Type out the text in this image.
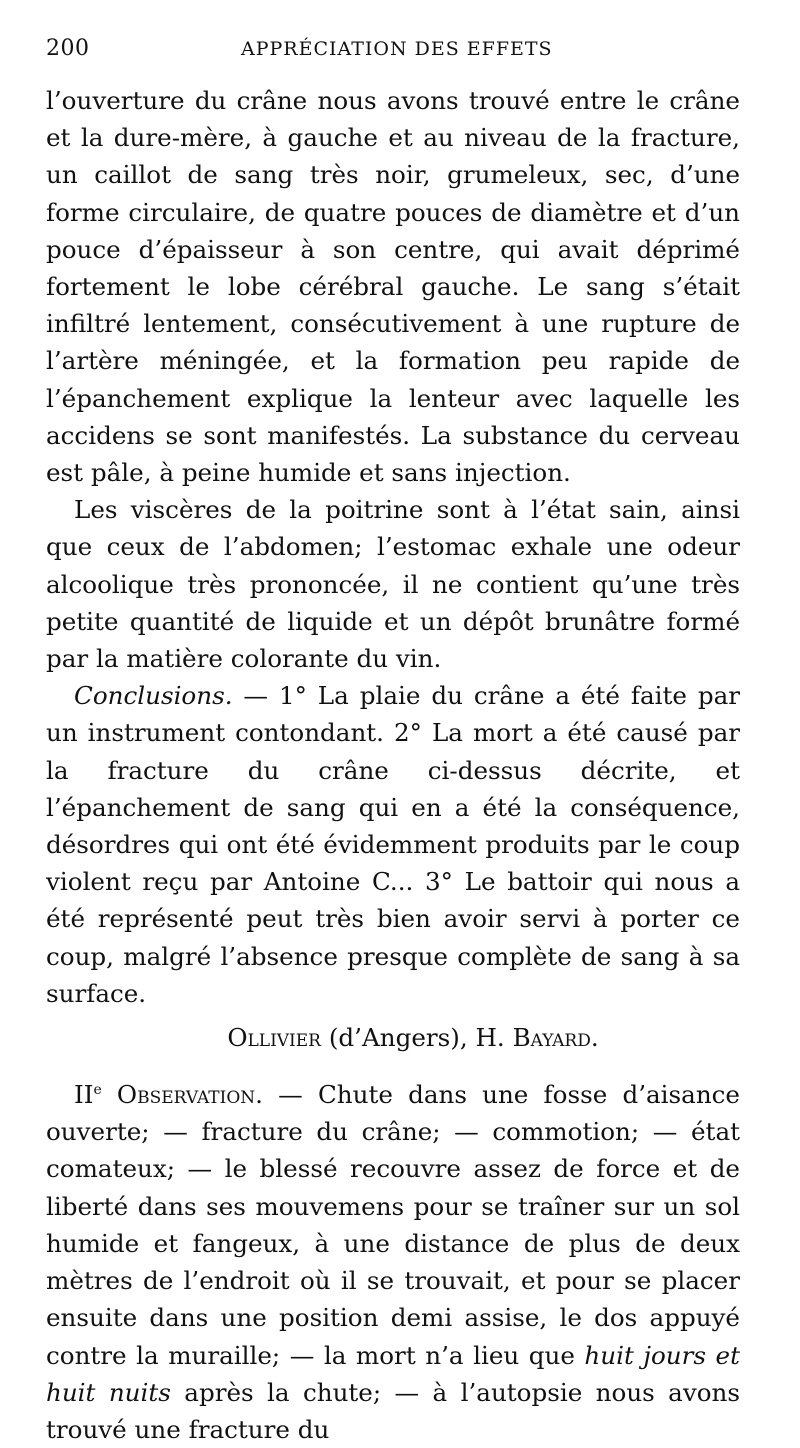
200	APPRÉCIATION DES EFFETS

l’ouverture du crâne nous avons trouvé entre le crâne et la dure-mère, à gauche et au niveau de la fracture, un caillot de sang très noir, grumeleux, sec, d’une forme circulaire, de quatre pouces de diamètre et d’un pouce d’épaisseur à son centre, qui avait déprimé fortement le lobe cérébral gauche. Le sang s’était infiltré lentement, consécutivement à une rupture de l’artère méningée, et la formation peu rapide de l’épanchement explique la lenteur avec laquelle les accidens se sont manifestés. La substance du cerveau est pâle, à peine humide et sans injection.

Les viscères de la poitrine sont à l’état sain, ainsi que ceux de l’abdomen; l’estomac exhale une odeur alcoolique très prononcée, il ne contient qu’une très petite quantité de liquide et un dépôt brunâtre formé par la matière colorante du vin.

Conclusions. — 1° La plaie du crâne a été faite par un instrument contondant. 2° La mort a été causé par la fracture du crâne ci-dessus décrite, et l’épanchement de sang qui en a été la conséquence, désordres qui ont été évidemment produits par le coup violent reçu par Antoine C... 3° Le battoir qui nous a été représenté peut très bien avoir servi à porter ce coup, malgré l’absence presque complète de sang à sa surface.

Ollivier (d’Angers), H. Bayard.

IIe Observation. — Chute dans une fosse d’aisance ouverte; — fracture du crâne; — commotion; — état comateux; — le blessé recouvre assez de force et de liberté dans ses mouvemens pour se traîner sur un sol humide et fangeux, à une distance de plus de deux mètres de l’endroit où il se trouvait, et pour se placer ensuite dans une position demi assise, le dos appuyé contre la muraille; — la mort n’a lieu que huit jours et huit nuits après la chute; — à l’autopsie nous avons trouvé une fracture du
